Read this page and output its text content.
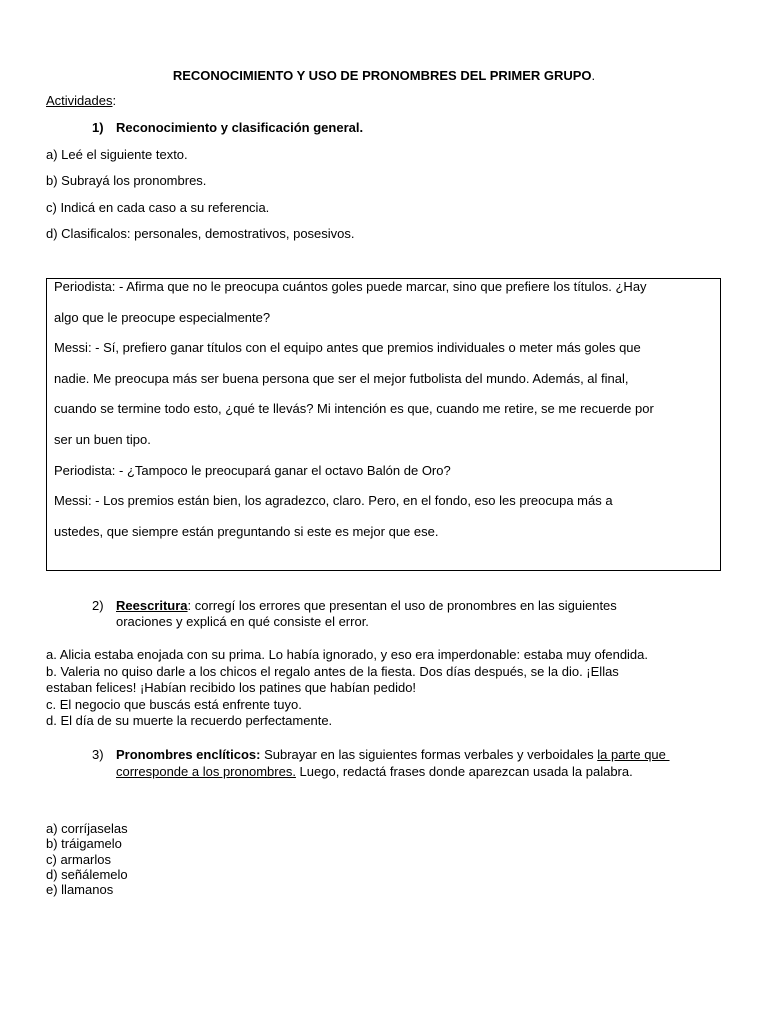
RECONOCIMIENTO Y USO DE PRONOMBRES DEL PRIMER GRUPO.
Actividades:
1) Reconocimiento y clasificación general.
a) Leé el siguiente texto.
b) Subrayá los pronombres.
c) Indicá en cada caso a su referencia.
d) Clasificalos: personales, demostrativos, posesivos.
Periodista: - Afirma que no le preocupa cuántos goles puede marcar, sino que prefiere los títulos. ¿Hay
algo que le preocupe especialmente?
Messi: - Sí, prefiero ganar títulos con el equipo antes que premios individuales o meter más goles que
nadie. Me preocupa más ser buena persona que ser el mejor futbolista del mundo. Además, al final,
cuando se termine todo esto, ¿qué te llevás? Mi intención es que, cuando me retire, se me recuerde por
ser un buen tipo.
Periodista: - ¿Tampoco le preocupará ganar el octavo Balón de Oro?
Messi: - Los premios están bien, los agradezco, claro. Pero, en el fondo, eso les preocupa más a
ustedes, que siempre están preguntando si este es mejor que ese.
2) Reescritura: corregí los errores que presentan el uso de pronombres en las siguientes
oraciones y explicá en qué consiste el error.
a. Alicia estaba enojada con su prima. Lo había ignorado, y eso era imperdonable: estaba muy ofendida.
b. Valeria no quiso darle a los chicos el regalo antes de la fiesta. Dos días después, se la dio. ¡Ellas
estaban felices! ¡Habían recibido los patines que habían pedido!
c. El negocio que buscás está enfrente tuyo.
d. El día de su muerte la recuerdo perfectamente.
3) Pronombres enclíticos: Subrayar en las siguientes formas verbales y verboidales la parte que
corresponde a los pronombres. Luego, redactá frases donde aparezcan usada la palabra.
a) corríjaselas
b) tráigamelo
c) armarlos
d) señálemelo
e) llamanos
